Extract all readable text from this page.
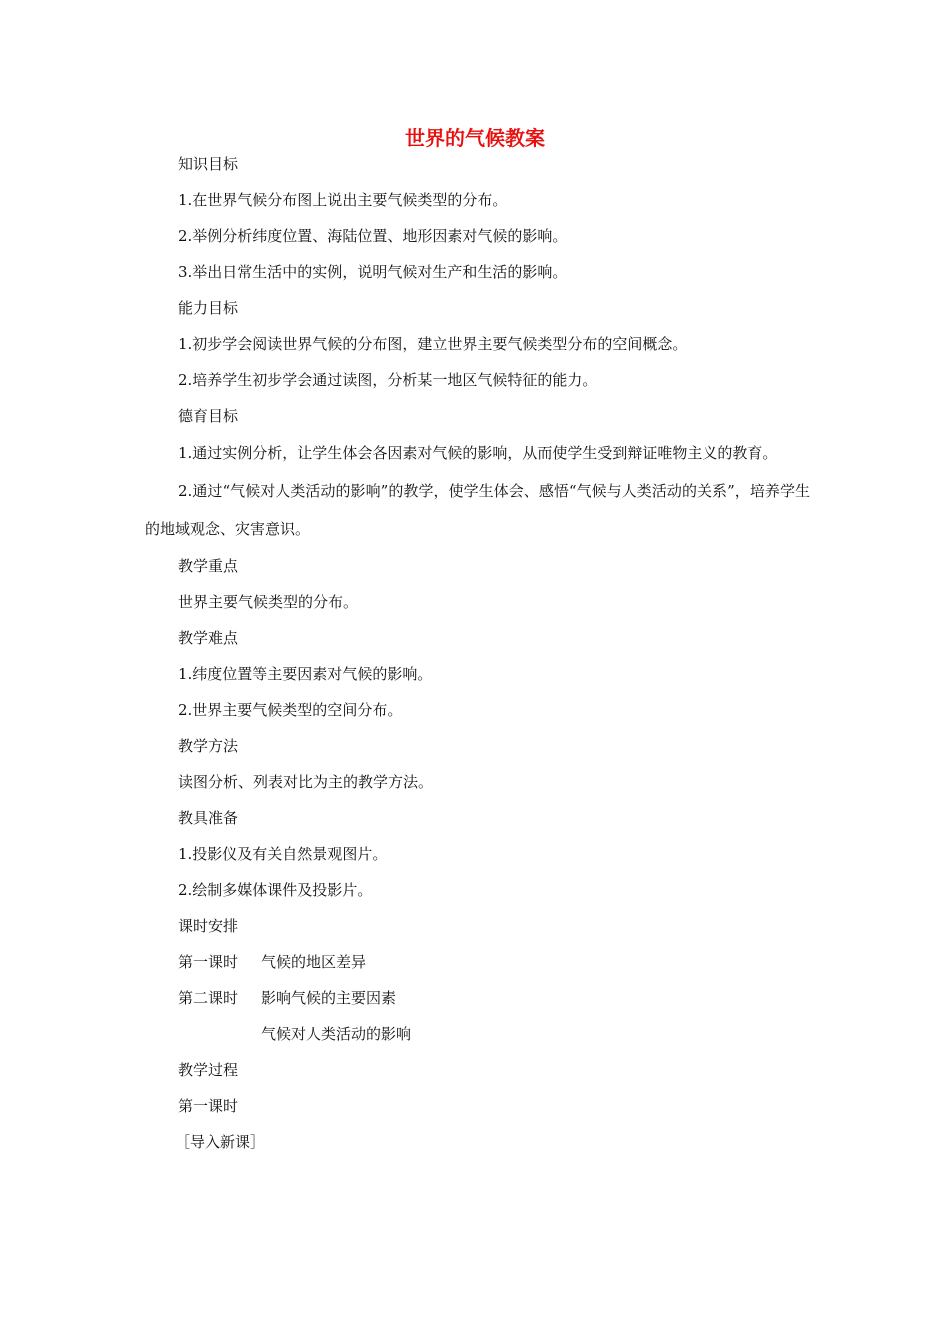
世界的气候教案

知识目标

1.在世界气候分布图上说出主要气候类型的分布。

2.举例分析纬度位置、海陆位置、地形因素对气候的影响。

3.举出日常生活中的实例，说明气候对生产和生活的影响。

能力目标

1.初步学会阅读世界气候的分布图，建立世界主要气候类型分布的空间概念。

2.培养学生初步学会通过读图，分析某一地区气候特征的能力。

德育目标

1.通过实例分析，让学生体会各因素对气候的影响，从而使学生受到辩证唯物主义的教育。

2.通过“气候对人类活动的影响”的教学，使学生体会、感悟“气候与人类活动的关系”，培养学生的地域观念、灾害意识。

教学重点

世界主要气候类型的分布。

教学难点

1.纬度位置等主要因素对气候的影响。

2.世界主要气候类型的空间分布。

教学方法

读图分析、列表对比为主的教学方法。

教具准备

1.投影仪及有关自然景观图片。

2.绘制多媒体课件及投影片。

课时安排

第一课时	气候的地区差异

第二课时	影响气候的主要因素

气候对人类活动的影响

教学过程

第一课时

［导入新课］
